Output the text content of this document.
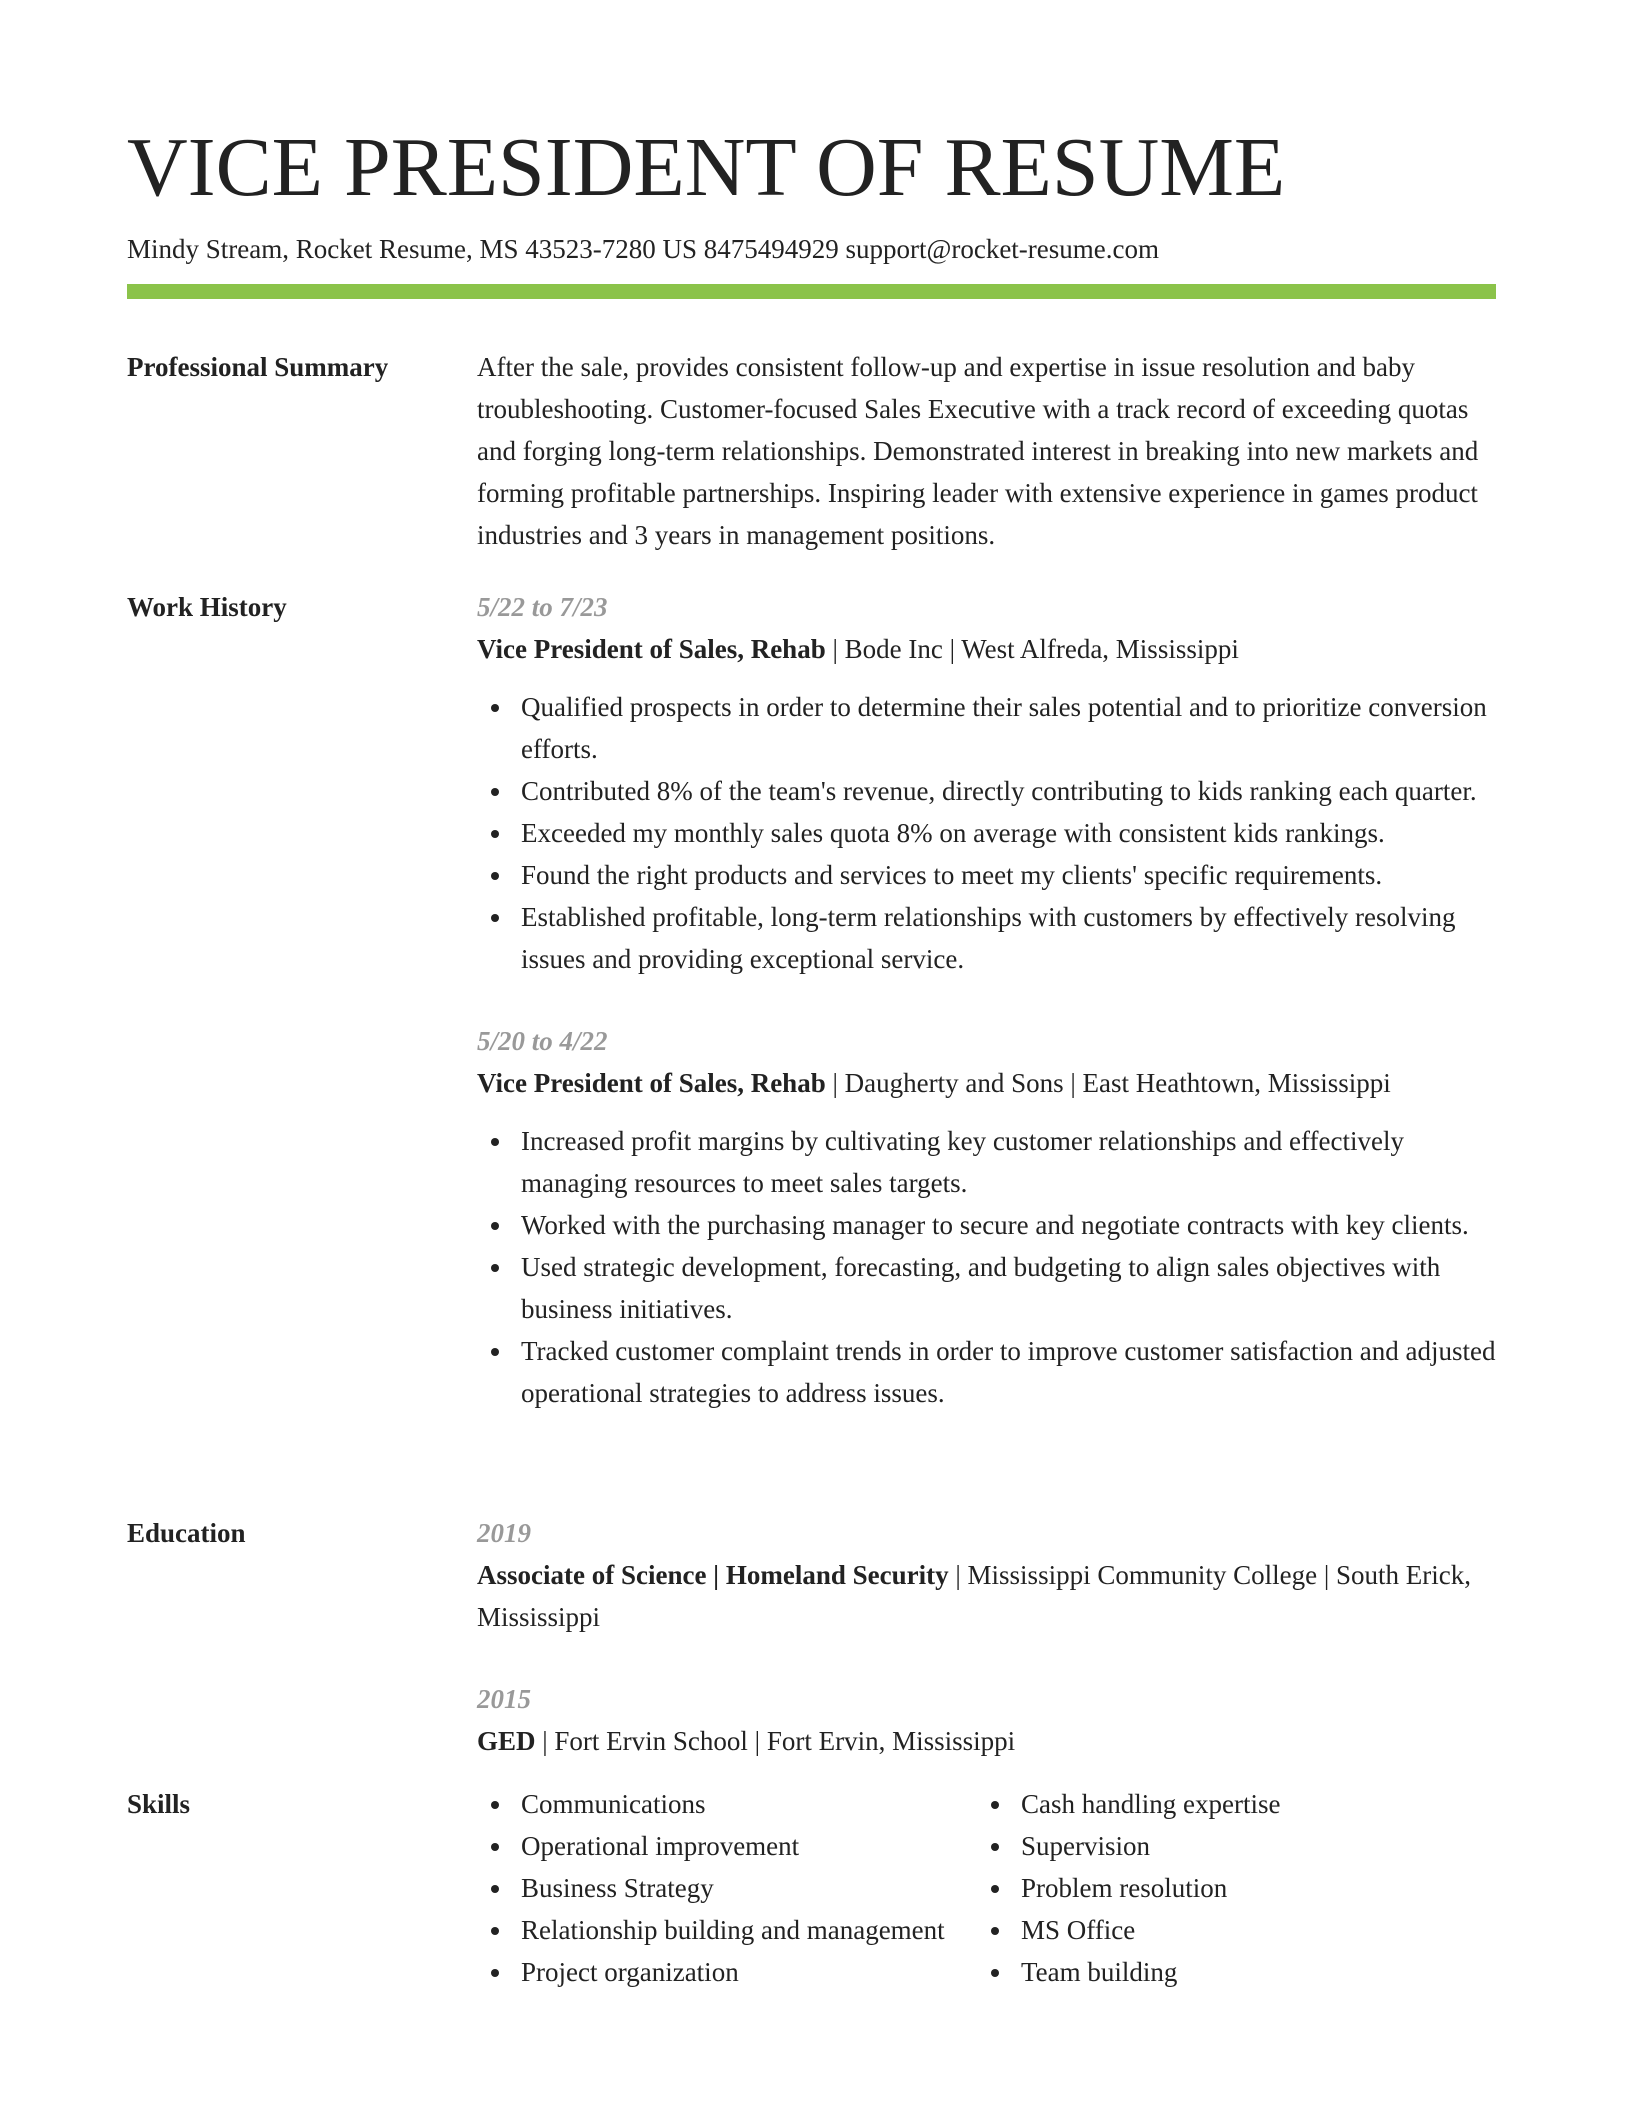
VICE PRESIDENT OF RESUME
Mindy Stream, Rocket Resume, MS 43523-7280 US 8475494929 support@rocket-resume.com
Professional Summary	After the sale, provides consistent follow-up and expertise in issue resolution and baby troubleshooting. Customer-focused Sales Executive with a track record of exceeding quotas and forging long-term relationships. Demonstrated interest in breaking into new markets and forming profitable partnerships. Inspiring leader with extensive experience in games product industries and 3 years in management positions.
Work History	5/22 to 7/23
Vice President of Sales, Rehab | Bode Inc | West Alfreda, Mississippi
Qualified prospects in order to determine their sales potential and to prioritize conversion efforts.
Contributed 8% of the team's revenue, directly contributing to kids ranking each quarter.
Exceeded my monthly sales quota 8% on average with consistent kids rankings.
Found the right products and services to meet my clients' specific requirements.
Established profitable, long-term relationships with customers by effectively resolving issues and providing exceptional service.
5/20 to 4/22
Vice President of Sales, Rehab | Daugherty and Sons | East Heathtown, Mississippi
Increased profit margins by cultivating key customer relationships and effectively managing resources to meet sales targets.
Worked with the purchasing manager to secure and negotiate contracts with key clients.
Used strategic development, forecasting, and budgeting to align sales objectives with business initiatives.
Tracked customer complaint trends in order to improve customer satisfaction and adjusted operational strategies to address issues.
Education	2019
Associate of Science | Homeland Security | Mississippi Community College | South Erick, Mississippi
2015
GED | Fort Ervin School | Fort Ervin, Mississippi
Skills	Communications
Operational improvement
Business Strategy
Relationship building and management
Project organization
Cash handling expertise
Supervision
Problem resolution
MS Office
Team building
